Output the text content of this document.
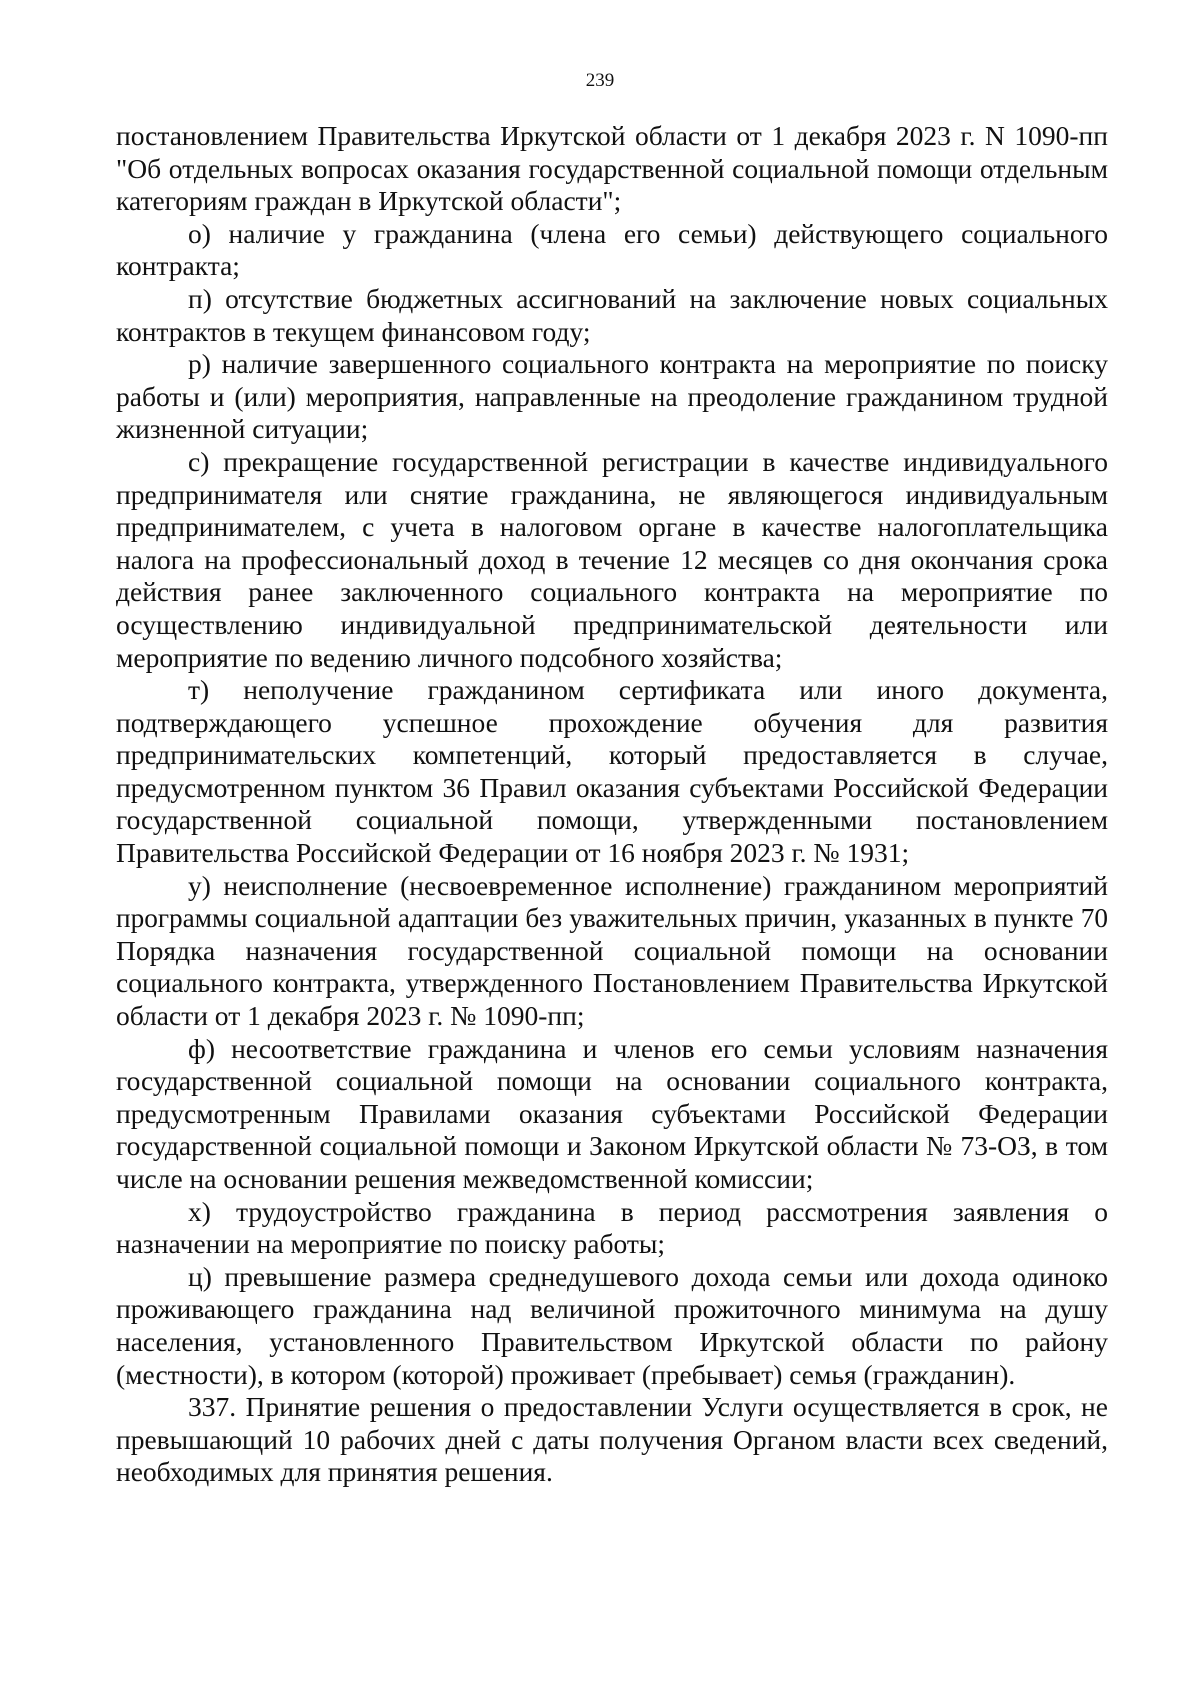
239
постановлением Правительства Иркутской области от 1 декабря 2023 г. N 1090-пп
"Об отдельных вопросах оказания государственной социальной помощи отдельным
категориям граждан в Иркутской области";
о) наличие у гражданина (члена его семьи) действующего социального
контракта;
п) отсутствие бюджетных ассигнований на заключение новых социальных
контрактов в текущем финансовом году;
р) наличие завершенного социального контракта на мероприятие по поиску
работы и (или) мероприятия, направленные на преодоление гражданином трудной
жизненной ситуации;
с) прекращение государственной регистрации в качестве индивидуального
предпринимателя или снятие гражданина, не являющегося индивидуальным
предпринимателем, с учета в налоговом органе в качестве налогоплательщика
налога на профессиональный доход в течение 12 месяцев со дня окончания срока
действия ранее заключенного социального контракта на мероприятие по
осуществлению индивидуальной предпринимательской деятельности или
мероприятие по ведению личного подсобного хозяйства;
т) неполучение гражданином сертификата или иного документа,
подтверждающего успешное прохождение обучения для развития
предпринимательских компетенций, который предоставляется в случае,
предусмотренном пунктом 36 Правил оказания субъектами Российской Федерации
государственной социальной помощи, утвержденными постановлением
Правительства Российской Федерации от 16 ноября 2023 г. № 1931;
у) неисполнение (несвоевременное исполнение) гражданином мероприятий
программы социальной адаптации без уважительных причин, указанных в пункте 70
Порядка назначения государственной социальной помощи на основании
социального контракта, утвержденного Постановлением Правительства Иркутской
области от 1 декабря 2023 г. № 1090-пп;
ф) несоответствие гражданина и членов его семьи условиям назначения
государственной социальной помощи на основании социального контракта,
предусмотренным Правилами оказания субъектами Российской Федерации
государственной социальной помощи и Законом Иркутской области № 73-ОЗ, в том
числе на основании решения межведомственной комиссии;
х) трудоустройство гражданина в период рассмотрения заявления о
назначении на мероприятие по поиску работы;
ц) превышение размера среднедушевого дохода семьи или дохода одиноко
проживающего гражданина над величиной прожиточного минимума на душу
населения, установленного Правительством Иркутской области по району
(местности), в котором (которой) проживает (пребывает) семья (гражданин).
337. Принятие решения о предоставлении Услуги осуществляется в срок, не
превышающий 10 рабочих дней с даты получения Органом власти всех сведений,
необходимых для принятия решения.
